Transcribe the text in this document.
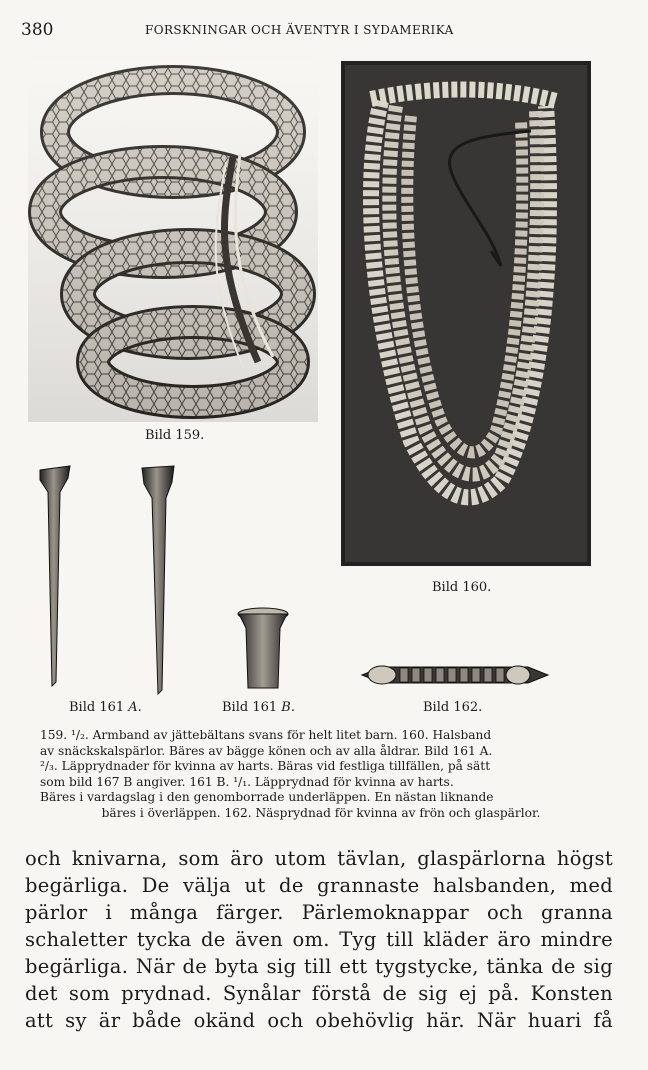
380	FORSKNINGAR OCH ÄVENTYR I SYDAMERIKA
Bild 159.
Bild 160.
Bild 161 A.	Bild 161 B.	Bild 162.
159. ¹/₂. Armband av jättebältans svans för helt litet barn. 160. Halsband
av snäckskalspärlor. Bäres av bägge könen och av alla åldrar. Bild 161 A.
²/₃. Läpprydnader för kvinna av harts. Bäras vid festliga tillfällen, på sätt
som bild 167 B angiver. 161 B. ¹/₁. Läpprydnad för kvinna av harts.
Bäres i vardagslag i den genomborrade underläppen. En nästan liknande
bäres i överläppen. 162. Näsprydnad för kvinna av frön och glaspärlor.
och knivarna, som äro utom tävlan, glaspärlorna högst
begärliga. De välja ut de grannaste halsbanden, med
pärlor i många färger. Pärlemoknappar och granna
schaletter tycka de även om. Tyg till kläder äro mindre
begärliga. När de byta sig till ett tygstycke, tänka de sig
det som prydnad. Synålar förstå de sig ej på. Konsten
att sy är både okänd och obehövlig här. När huari få
